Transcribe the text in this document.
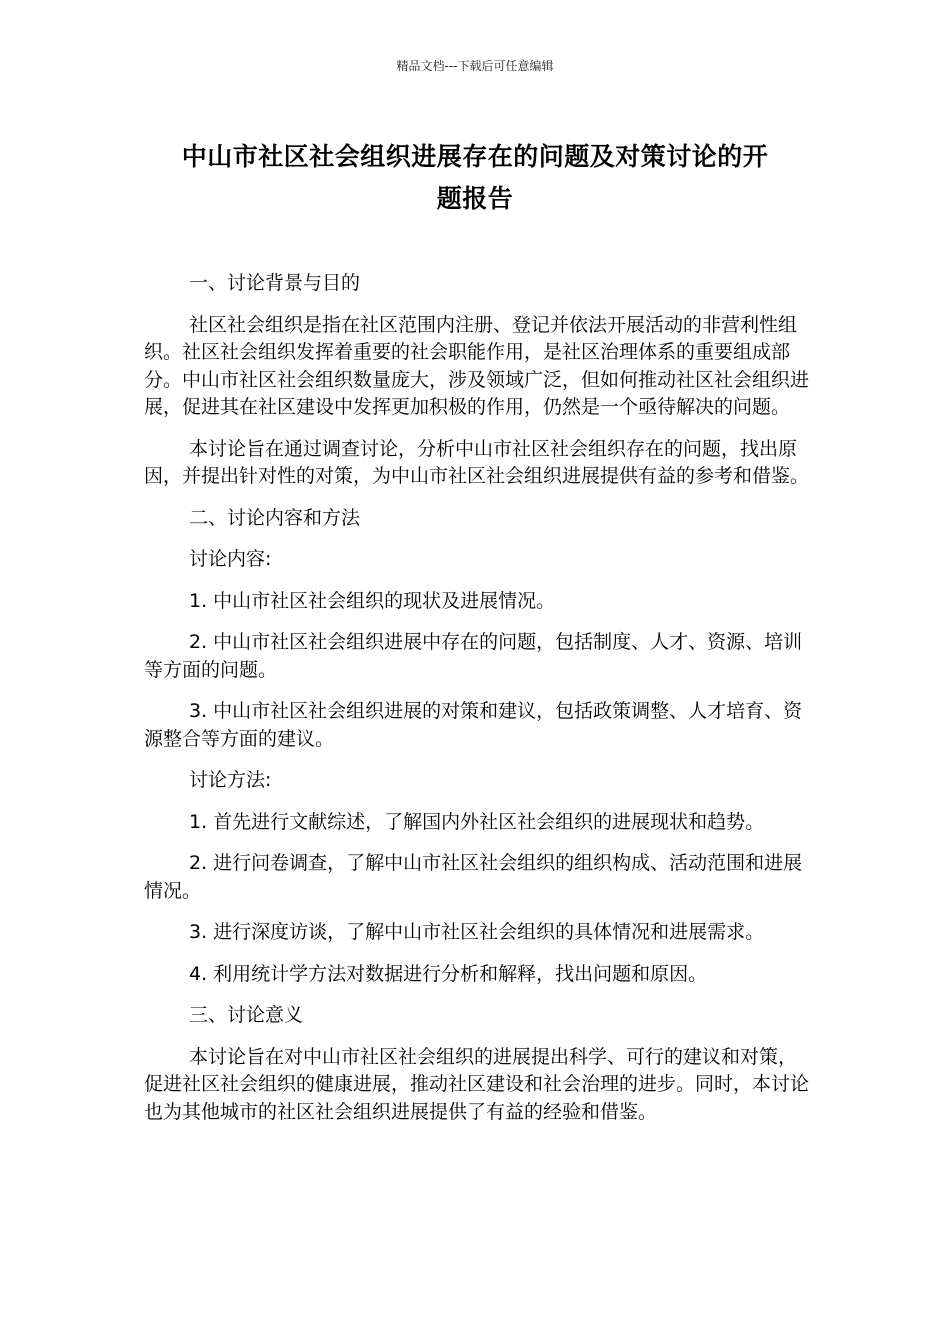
精品文档---下载后可任意编辑
中山市社区社会组织进展存在的问题及对策讨论的开
题报告

一、讨论背景与目的

社区社会组织是指在社区范围内注册、登记并依法开展活动的非营利性组织。社区社会组织发挥着重要的社会职能作用，是社区治理体系的重要组成部分。中山市社区社会组织数量庞大，涉及领域广泛，但如何推动社区社会组织进展，促进其在社区建设中发挥更加积极的作用，仍然是一个亟待解决的问题。

本讨论旨在通过调查讨论，分析中山市社区社会组织存在的问题，找出原因，并提出针对性的对策，为中山市社区社会组织进展提供有益的参考和借鉴。

二、讨论内容和方法

讨论内容:

1. 中山市社区社会组织的现状及进展情况。

2. 中山市社区社会组织进展中存在的问题，包括制度、人才、资源、培训等方面的问题。

3. 中山市社区社会组织进展的对策和建议，包括政策调整、人才培育、资源整合等方面的建议。

讨论方法:

1. 首先进行文献综述，了解国内外社区社会组织的进展现状和趋势。

2. 进行问卷调查，了解中山市社区社会组织的组织构成、活动范围和进展情况。

3. 进行深度访谈，了解中山市社区社会组织的具体情况和进展需求。

4. 利用统计学方法对数据进行分析和解释，找出问题和原因。

三、讨论意义

本讨论旨在对中山市社区社会组织的进展提出科学、可行的建议和对策，促进社区社会组织的健康进展，推动社区建设和社会治理的进步。同时，本讨论也为其他城市的社区社会组织进展提供了有益的经验和借鉴。
